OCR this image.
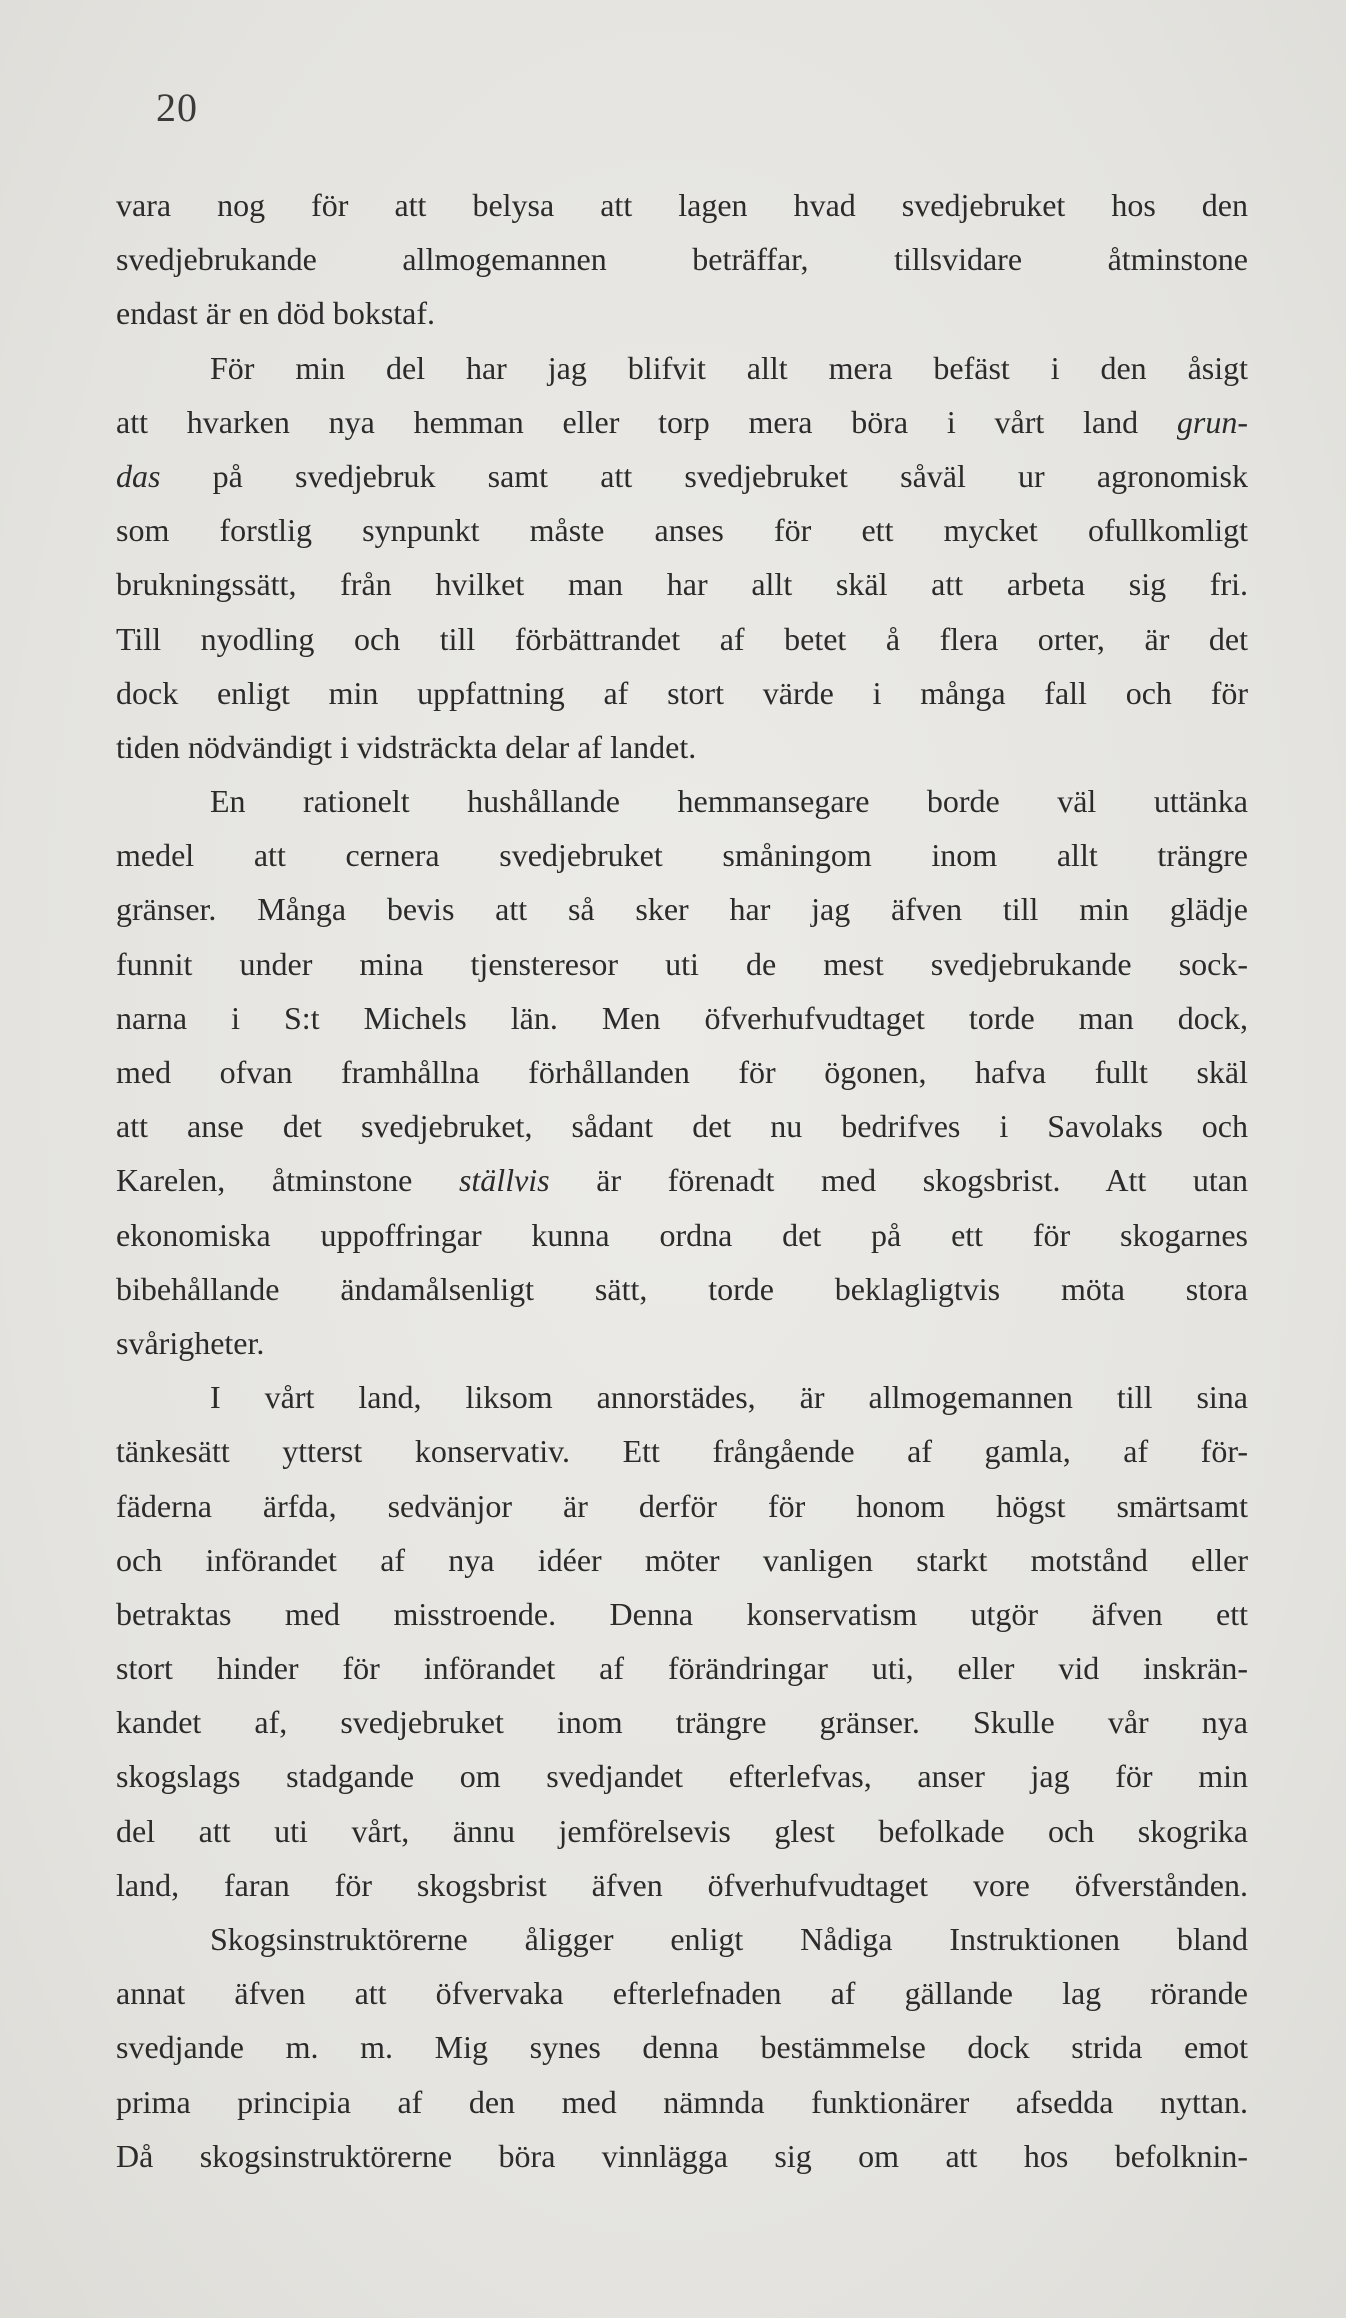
20
vara nog för att belysa att lagen hvad svedjebruket hos den
svedjebrukande allmogemannen beträffar, tillsvidare åtminstone
endast är en död bokstaf.
För min del har jag blifvit allt mera befäst i den åsigt
att hvarken nya hemman eller torp mera böra i vårt land grun-
das på svedjebruk samt att svedjebruket såväl ur agronomisk
som forstlig synpunkt måste anses för ett mycket ofullkomligt
brukningssätt, från hvilket man har allt skäl att arbeta sig fri.
Till nyodling och till förbättrandet af betet å flera orter, är det
dock enligt min uppfattning af stort värde i många fall och för
tiden nödvändigt i vidsträckta delar af landet.
En rationelt hushållande hemmansegare borde väl uttänka
medel att cernera svedjebruket småningom inom allt trängre
gränser. Många bevis att så sker har jag äfven till min glädje
funnit under mina tjensteresor uti de mest svedjebrukande sock-
narna i S:t Michels län. Men öfverhufvudtaget torde man dock,
med ofvan framhållna förhållanden för ögonen, hafva fullt skäl
att anse det svedjebruket, sådant det nu bedrifves i Savolaks och
Karelen, åtminstone ställvis är förenadt med skogsbrist. Att utan
ekonomiska uppoffringar kunna ordna det på ett för skogarnes
bibehållande ändamålsenligt sätt, torde beklagligtvis möta stora
svårigheter.
I vårt land, liksom annorstädes, är allmogemannen till sina
tänkesätt ytterst konservativ. Ett frångående af gamla, af för-
fäderna ärfda, sedvänjor är derför för honom högst smärtsamt
och införandet af nya idéer möter vanligen starkt motstånd eller
betraktas med misstroende. Denna konservatism utgör äfven ett
stort hinder för införandet af förändringar uti, eller vid inskrän-
kandet af, svedjebruket inom trängre gränser. Skulle vår nya
skogslags stadgande om svedjandet efterlefvas, anser jag för min
del att uti vårt, ännu jemförelsevis glest befolkade och skogrika
land, faran för skogsbrist äfven öfverhufvudtaget vore öfverstånden.
Skogsinstruktörerne åligger enligt Nådiga Instruktionen bland
annat äfven att öfvervaka efterlefnaden af gällande lag rörande
svedjande m. m. Mig synes denna bestämmelse dock strida emot
prima principia af den med nämnda funktionärer afsedda nyttan.
Då skogsinstruktörerne böra vinnlägga sig om att hos befolknin-
